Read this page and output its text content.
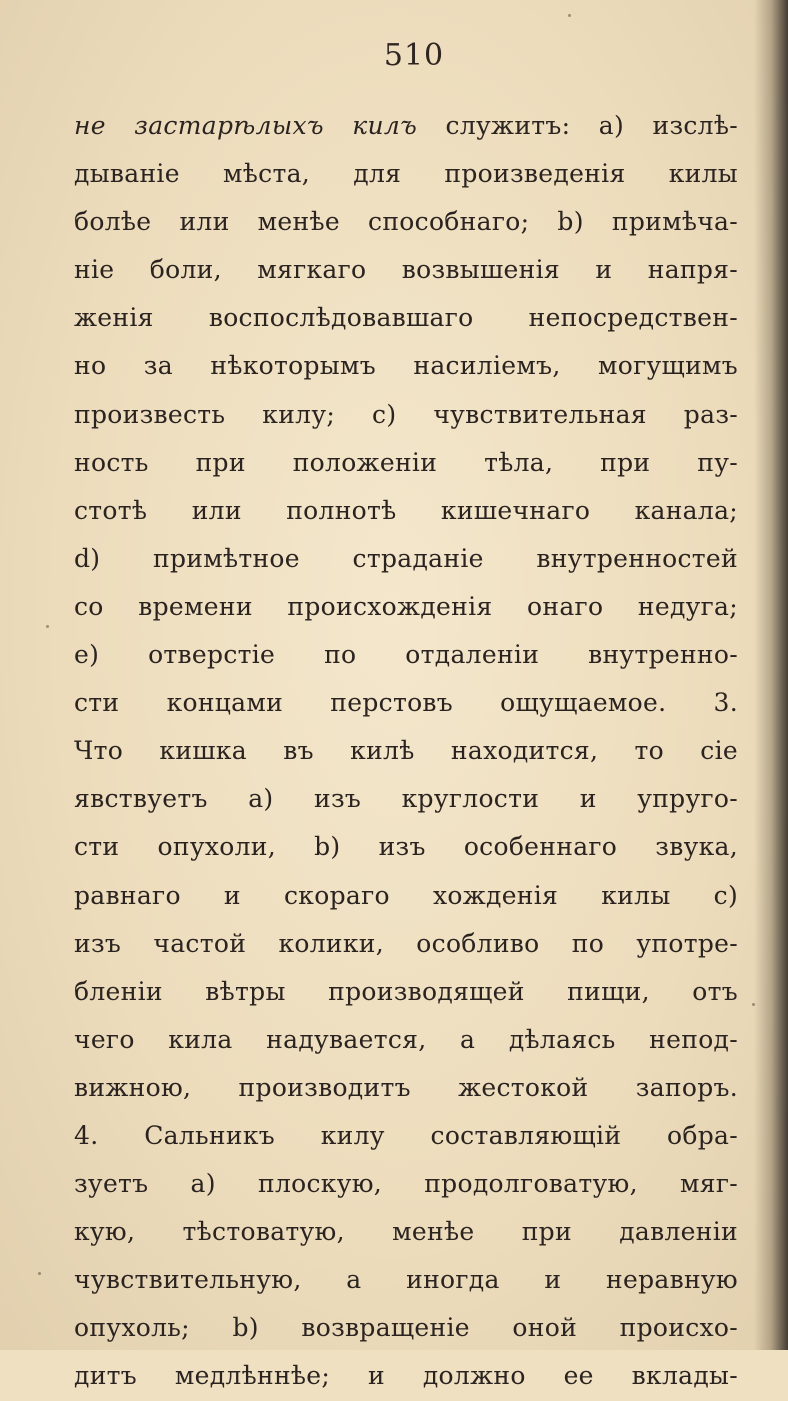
510
не застарѣлыхъ килъ служитъ: а) изслѣ-
дываніе мѣста, для произведенія килы
болѣе или менѣе способнаго; b) примѣча-
ніе боли, мягкаго возвышенія и напря-
женія воспослѣдовавшаго непосредствен-
но за нѣкоторымъ насиліемъ, могущимъ
произвесть килу; с) чувствительная раз-
ность при положеніи тѣла, при пу-
стотѣ или полнотѣ кишечнаго канала;
d) примѣтное страданіе внутренностей
со времени происхожденія онаго недуга;
е) отверстіе по отдаленіи внутренно-
сти концами перстовъ ощущаемое. 3.
Что кишка въ килѣ находится, то сіе
явствуетъ а) изъ круглости и упруго-
сти опухоли, b) изъ особеннаго звука,
равнаго и скораго хожденія килы с)
изъ частой колики, особливо по употре-
бленіи вѣтры производящей пищи, отъ
чего кила надувается, а дѣлаясь непод-
вижною, производитъ жестокой запоръ.
4. Сальникъ килу составляющій обра-
зуетъ а) плоскую, продолговатую, мяг-
кую, тѣстоватую, менѣе при давленіи
чувствительную, а иногда и неравную
опухоль; b) возвращеніе оной происхо-
дитъ медлѣннѣе; и должно ее вклады-
